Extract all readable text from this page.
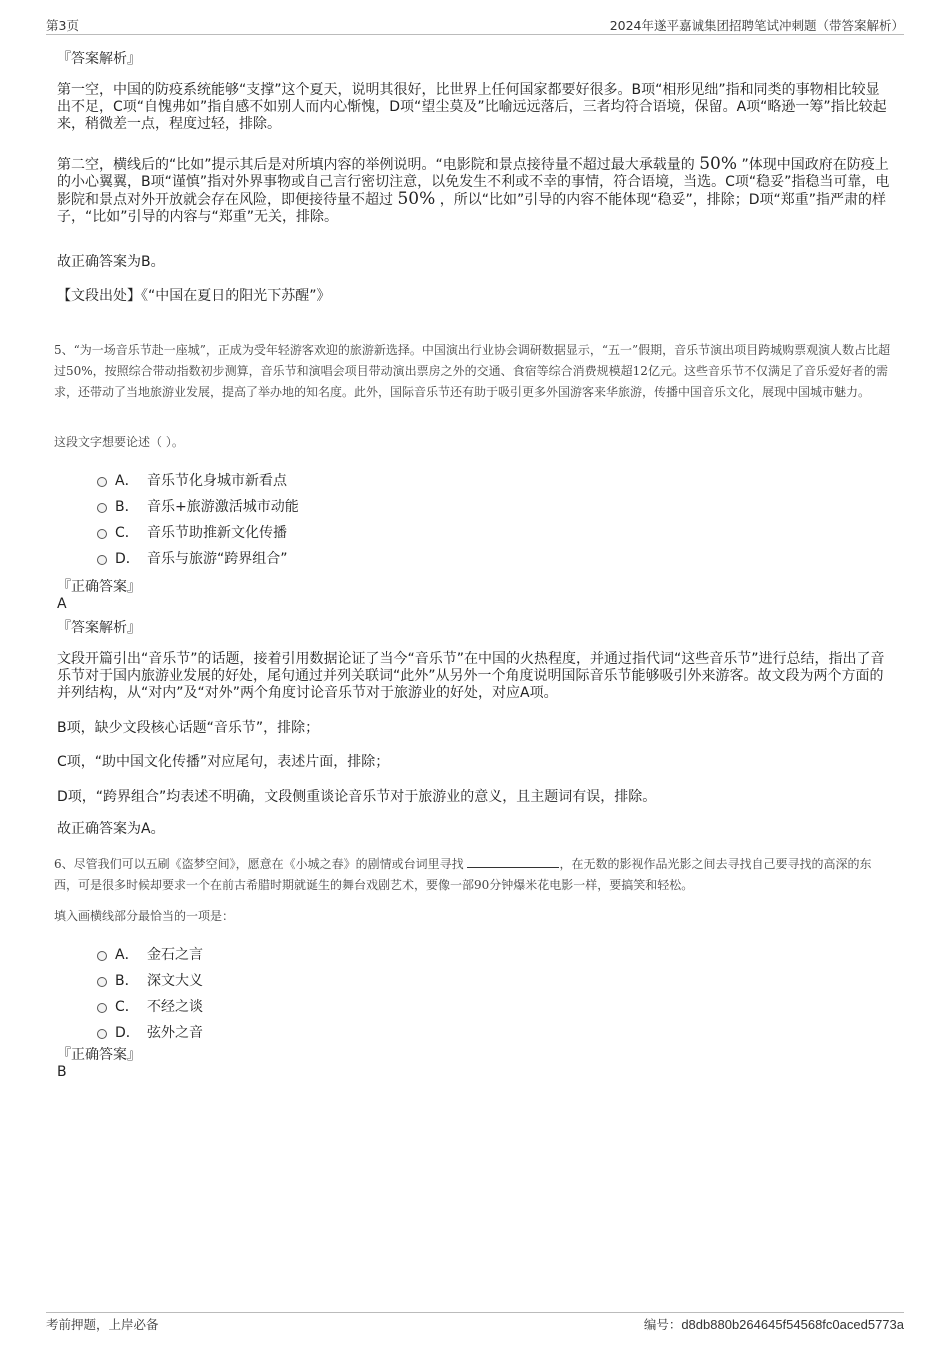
第3页	2024年遂平嘉诚集团招聘笔试冲刺题（带答案解析）
『答案解析』
第一空，中国的防疫系统能够“支撑”这个夏天，说明其很好，比世界上任何国家都要好很多。B项“相形见绌”指和同类的事物相比较显出不足，C项“自愧弗如”指自感不如别人而内心惭愧，D项“望尘莫及”比喻远远落后，三者均符合语境，保留。A项“略逊一筹”指比较起来，稍微差一点，程度过轻，排除。
第二空，横线后的“比如”提示其后是对所填内容的举例说明。“电影院和景点接待量不超过最大承载量的 50% ”体现中国政府在防疫上的小心翼翼，B项“谨慎”指对外界事物或自己言行密切注意，以免发生不利或不幸的事情，符合语境，当选。C项“稳妥”指稳当可靠，电影院和景点对外开放就会存在风险，即便接待量不超过 50% ，所以“比如”引导的内容不能体现“稳妥”，排除；D项“郑重”指严肃的样子，“比如”引导的内容与“郑重”无关，排除。
故正确答案为B。
【文段出处】《“中国在夏日的阳光下苏醒”》
5、“为一场音乐节赴一座城”，正成为受年轻游客欢迎的旅游新选择。中国演出行业协会调研数据显示，“五一”假期，音乐节演出项目跨城购票观演人数占比超过50%，按照综合带动指数初步测算，音乐节和演唱会项目带动演出票房之外的交通、食宿等综合消费规模超12亿元。这些音乐节不仅满足了音乐爱好者的需求，还带动了当地旅游业发展，提高了举办地的知名度。此外，国际音乐节还有助于吸引更多外国游客来华旅游，传播中国音乐文化，展现中国城市魅力。
这段文字想要论述（ ）。
A． 音乐节化身城市新看点
B． 音乐+旅游激活城市动能
C． 音乐节助推新文化传播
D． 音乐与旅游“跨界组合”
『正确答案』
A
『答案解析』
文段开篇引出“音乐节”的话题，接着引用数据论证了当今“音乐节”在中国的火热程度，并通过指代词“这些音乐节”进行总结，指出了音乐节对于国内旅游业发展的好处，尾句通过并列关联词“此外”从另外一个角度说明国际音乐节能够吸引外来游客。故文段为两个方面的并列结构，从“对内”及“对外”两个角度讨论音乐节对于旅游业的好处，对应A项。
B项，缺少文段核心话题“音乐节”，排除；
C项，“助中国文化传播”对应尾句，表述片面，排除；
D项，“跨界组合”均表述不明确，文段侧重谈论音乐节对于旅游业的意义，且主题词有误，排除。
故正确答案为A。
6、尽管我们可以五刷《盗梦空间》，愿意在《小城之春》的剧情或台词里寻找	，在无数的影视作品光影之间去寻找自己要寻找的高深的东西，可是很多时候却要求一个在前古希腊时期就诞生的舞台戏剧艺术，要像一部90分钟爆米花电影一样，要搞笑和轻松。
填入画横线部分最恰当的一项是：
A． 金石之言
B． 深文大义
C． 不经之谈
D． 弦外之音
『正确答案』
B
考前押题，上岸必备	编号：d8db880b264645f54568fc0aced5773a
